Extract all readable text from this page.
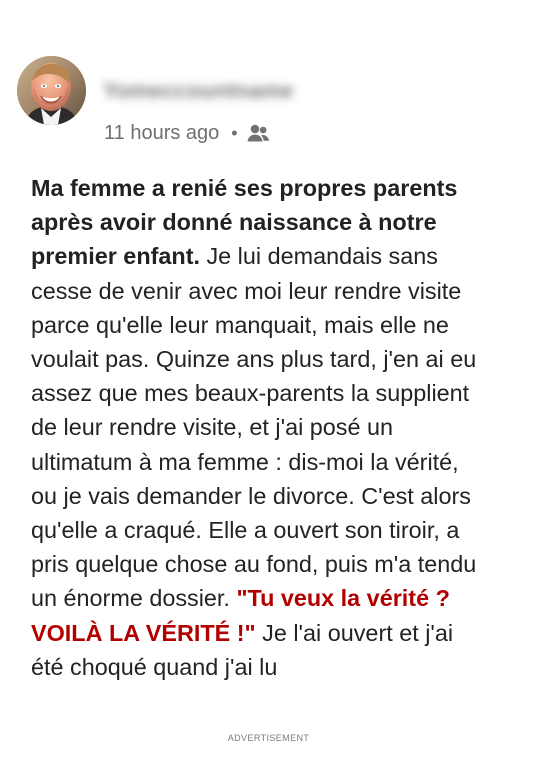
Yomeccountname
11 hours ago •

Ma femme a renié ses propres parents après avoir donné naissance à notre premier enfant. Je lui demandais sans cesse de venir avec moi leur rendre visite parce qu'elle leur manquait, mais elle ne voulait pas. Quinze ans plus tard, j'en ai eu assez que mes beaux-parents la supplient de leur rendre visite, et j'ai posé un ultimatum à ma femme : dis-moi la vérité, ou je vais demander le divorce. C'est alors qu'elle a craqué. Elle a ouvert son tiroir, a pris quelque chose au fond, puis m'a tendu un énorme dossier. "Tu veux la vérité ? VOILÀ LA VÉRITÉ !" Je l'ai ouvert et j'ai été choqué quand j'ai lu

ADVERTISEMENT
